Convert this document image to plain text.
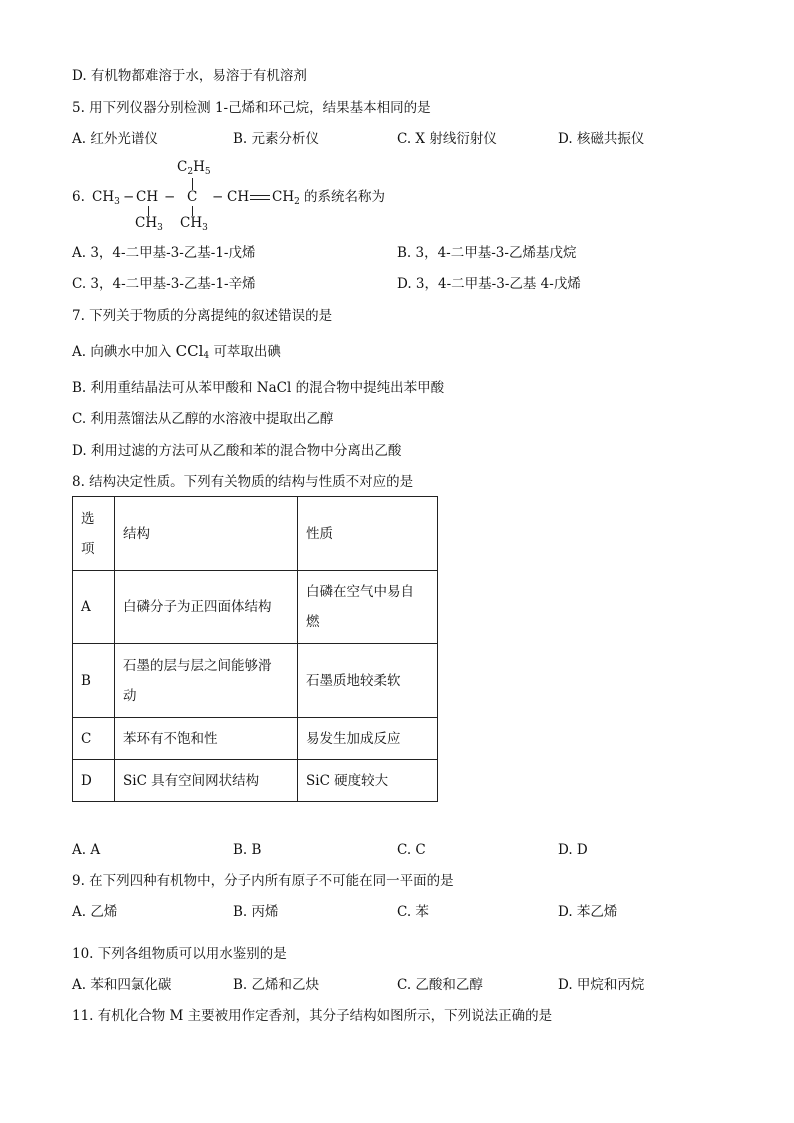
D. 有机物都难溶于水，易溶于有机溶剂
5. 用下列仪器分别检测 1-己烯和环己烷，结果基本相同的是
A. 红外光谱仪	B. 元素分析仪	C. X 射线衍射仪	D. 核磁共振仪
6.
$C_2H_5$
$CH_3$ − CH − C − CH $CH_2$ 的系统名称为
$CH_3$ $CH_3$
A. 3，4-二甲基-3-乙基-1-戊烯	B. 3，4-二甲基-3-乙烯基戊烷
C. 3，4-二甲基-3-乙基-1-辛烯	D. 3，4-二甲基-3-乙基 4-戊烯
7. 下列关于物质的分离提纯的叙述错误的是
A. 向碘水中加入 CCl4 可萃取出碘
B. 利用重结晶法可从苯甲酸和 NaCl 的混合物中提纯出苯甲酸
C. 利用蒸馏法从乙醇的水溶液中提取出乙醇
D. 利用过滤的方法可从乙酸和苯的混合物中分离出乙酸
8. 结构决定性质。下列有关物质的结构与性质不对应的是
选
项	结构	性质
A	白磷分子为正四面体结构	白磷在空气中易自
燃

B	石墨的层与层之间能够滑
动	石墨质地较柔软
C	苯环有不饱和性	易发生加成反应
D	SiC 具有空间网状结构	SiC 硬度较大
A. A	B. B	C. C	D. D
9. 在下列四种有机物中，分子内所有原子不可能在同一平面的是
A. 乙烯	B. 丙烯	C. 苯	D. 苯乙烯
10. 下列各组物质可以用水鉴别的是
A. 苯和四氯化碳	B. 乙烯和乙炔	C. 乙酸和乙醇	D. 甲烷和丙烷
11. 有机化合物 M 主要被用作定香剂，其分子结构如图所示，下列说法正确的是
